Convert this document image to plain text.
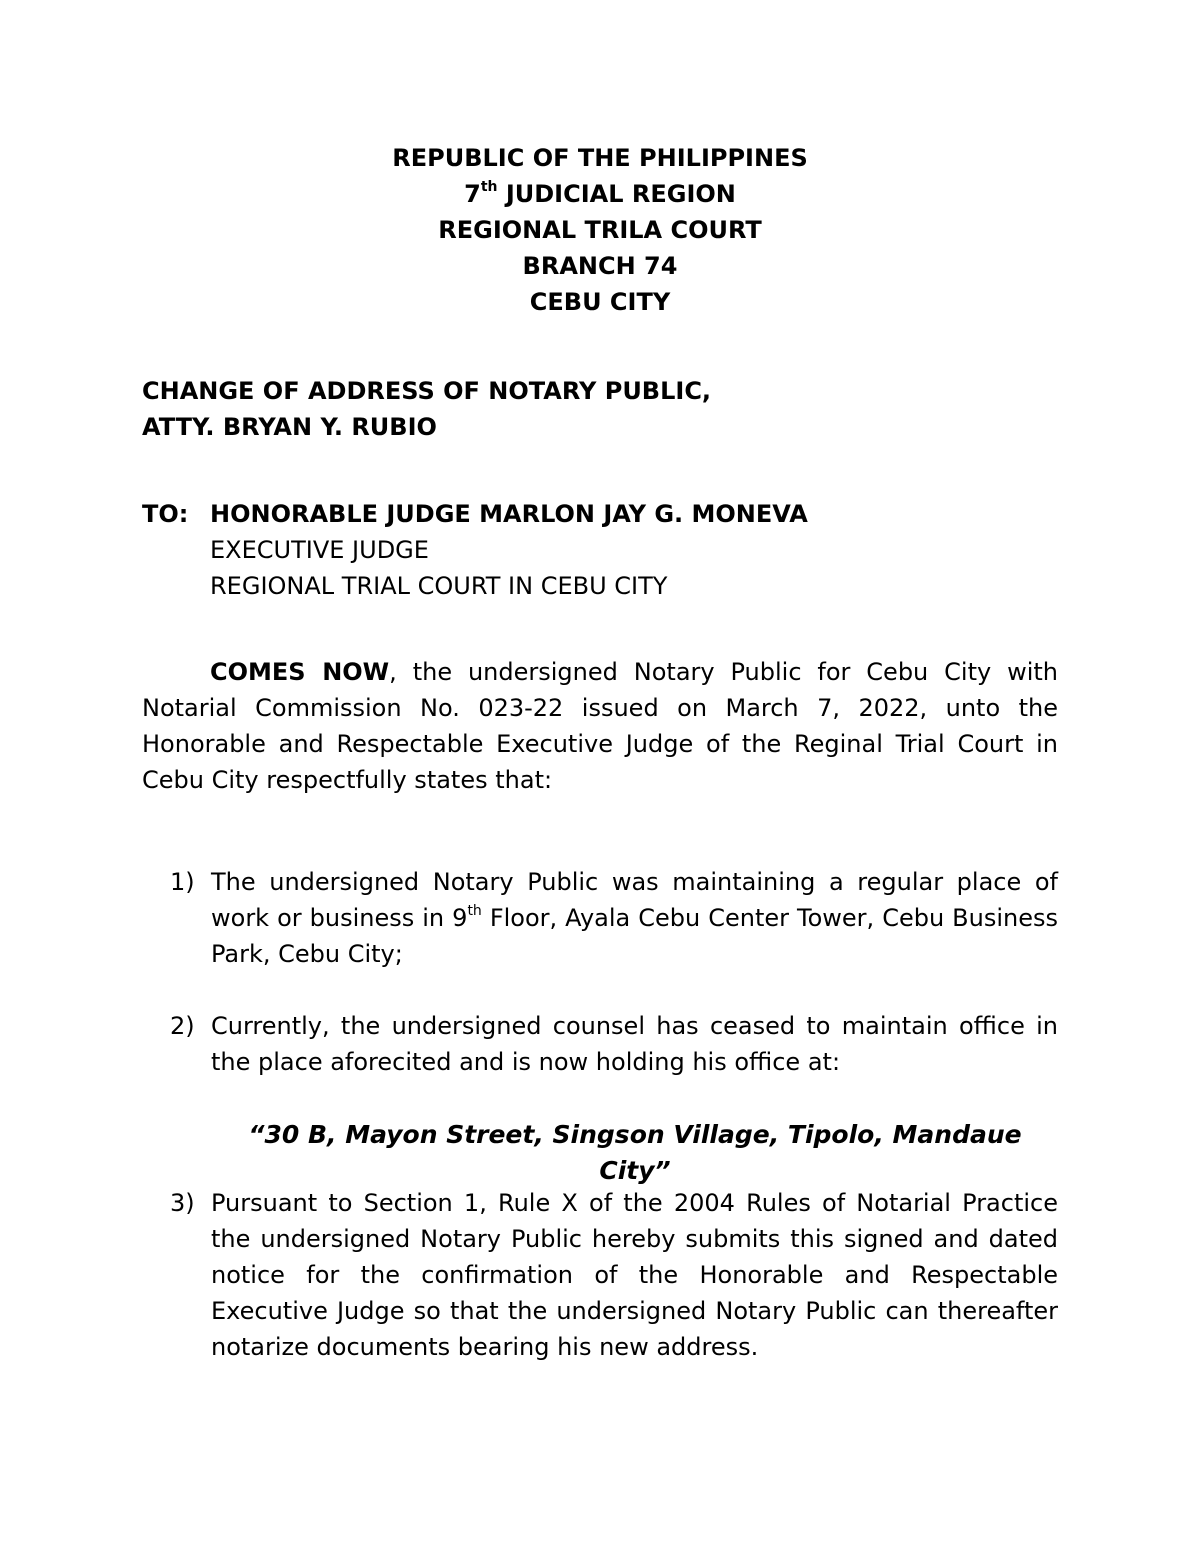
REPUBLIC OF THE PHILIPPINES
7th JUDICIAL REGION
REGIONAL TRILA COURT
BRANCH 74
CEBU CITY
CHANGE OF ADDRESS OF NOTARY PUBLIC,
ATTY. BRYAN Y. RUBIO
TO: HONORABLE JUDGE MARLON JAY G. MONEVA
EXECUTIVE JUDGE
REGIONAL TRIAL COURT IN CEBU CITY
COMES NOW, the undersigned Notary Public for Cebu City with Notarial Commission No. 023-22 issued on March 7, 2022, unto the Honorable and Respectable Executive Judge of the Reginal Trial Court in Cebu City respectfully states that:
1) The undersigned Notary Public was maintaining a regular place of work or business in 9th Floor, Ayala Cebu Center Tower, Cebu Business Park, Cebu City;
2) Currently, the undersigned counsel has ceased to maintain office in the place aforecited and is now holding his office at:
“30 B, Mayon Street, Singson Village, Tipolo, Mandaue City”
3) Pursuant to Section 1, Rule X of the 2004 Rules of Notarial Practice the undersigned Notary Public hereby submits this signed and dated notice for the confirmation of the Honorable and Respectable Executive Judge so that the undersigned Notary Public can thereafter notarize documents bearing his new address.
